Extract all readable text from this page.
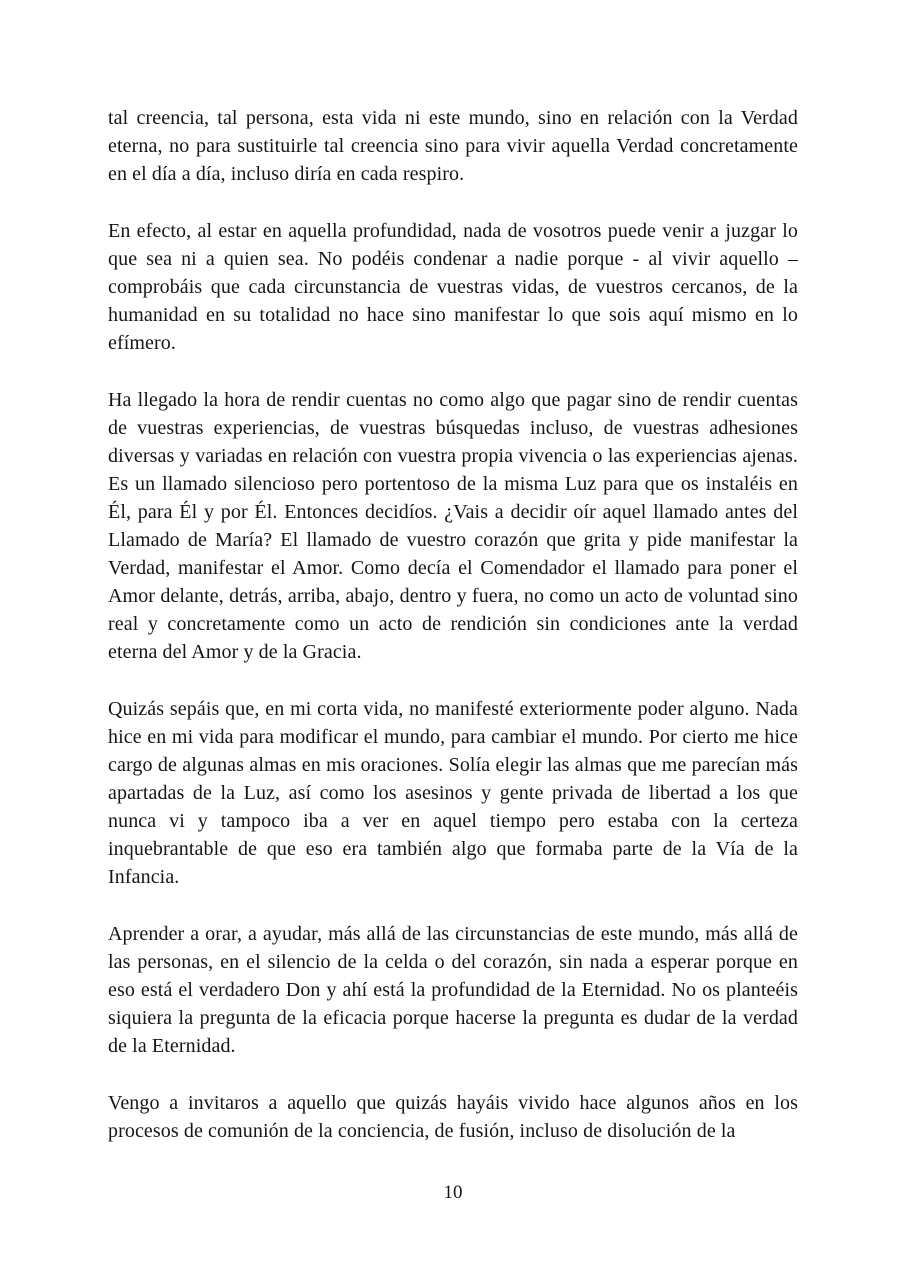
tal creencia, tal persona, esta vida ni este mundo, sino en relación con la Verdad eterna, no para sustituirle tal creencia sino para vivir aquella Verdad concretamente en el día a día, incluso diría en cada respiro.

En efecto, al estar en aquella profundidad, nada de vosotros puede venir a juzgar lo que sea ni a quien sea. No podéis condenar a nadie porque - al vivir aquello – comprobáis que cada circunstancia de vuestras vidas, de vuestros cercanos, de la humanidad en su totalidad no hace sino manifestar lo que sois aquí mismo en lo efímero.

Ha llegado la hora de rendir cuentas no como algo que pagar sino de rendir cuentas de vuestras experiencias, de vuestras búsquedas incluso, de vuestras adhesiones diversas y variadas en relación con vuestra propia vivencia o las experiencias ajenas. Es un llamado silencioso pero portentoso de la misma Luz para que os instaléis en Él, para Él y por Él. Entonces decidíos. ¿Vais a decidir oír aquel llamado antes del Llamado de María? El llamado de vuestro corazón que grita y pide manifestar la Verdad, manifestar el Amor. Como decía el Comendador el llamado para poner el Amor delante, detrás, arriba, abajo, dentro y fuera, no como un acto de voluntad sino real y concretamente como un acto de rendición sin condiciones ante la verdad eterna del Amor y de la Gracia.

Quizás sepáis que, en mi corta vida, no manifesté exteriormente poder alguno. Nada hice en mi vida para modificar el mundo, para cambiar el mundo. Por cierto me hice cargo de algunas almas en mis oraciones. Solía elegir las almas que me parecían más apartadas de la Luz, así como los asesinos y gente privada de libertad a los que nunca vi y tampoco iba a ver en aquel tiempo pero estaba con la certeza inquebrantable de que eso era también algo que formaba parte de la Vía de la Infancia.

Aprender a orar, a ayudar, más allá de las circunstancias de este mundo, más allá de las personas, en el silencio de la celda o del corazón, sin nada a esperar porque en eso está el verdadero Don y ahí está la profundidad de la Eternidad. No os planteéis siquiera la pregunta de la eficacia porque hacerse la pregunta es dudar de la verdad de la Eternidad.

Vengo a invitaros a aquello que quizás hayáis vivido hace algunos años en los procesos de comunión de la conciencia, de fusión, incluso de disolución de la

10
